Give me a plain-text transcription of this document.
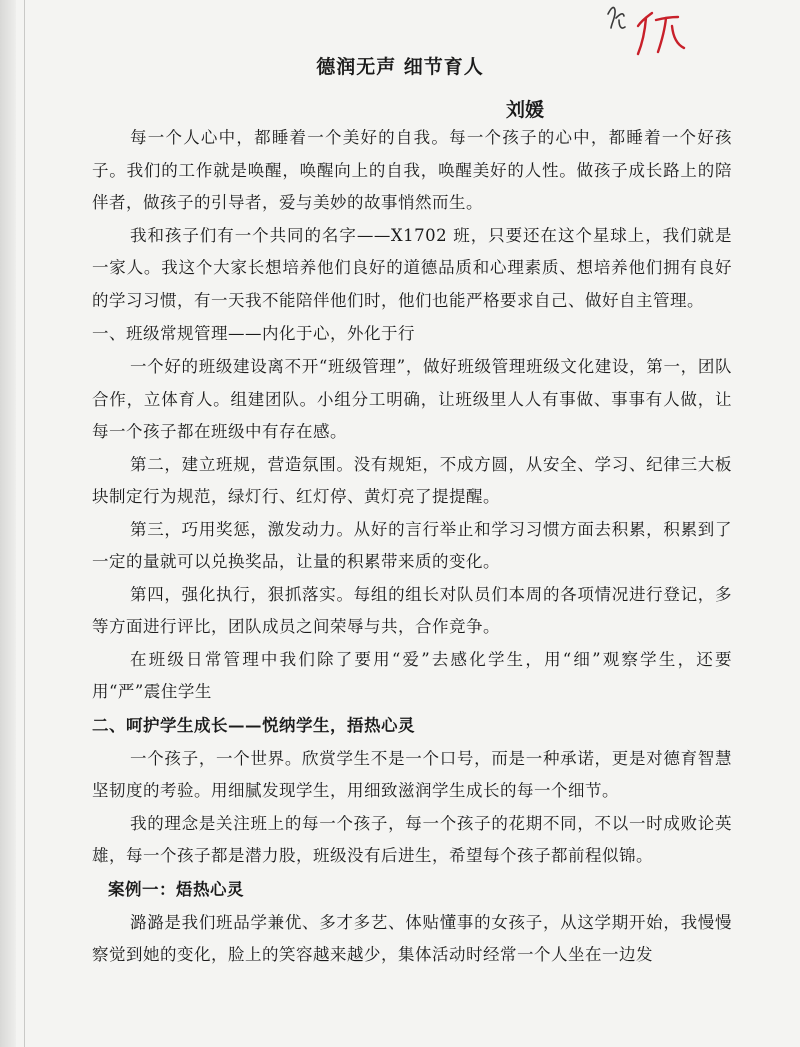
德润无声 细节育人
刘媛

每一个人心中，都睡着一个美好的自我。每一个孩子的心中，都睡着一个好孩子。我们的工作就是唤醒，唤醒向上的自我，唤醒美好的人性。做孩子成长路上的陪伴者，做孩子的引导者，爱与美妙的故事悄然而生。

我和孩子们有一个共同的名字——X1702 班，只要还在这个星球上，我们就是一家人。我这个大家长想培养他们良好的道德品质和心理素质、想培养他们拥有良好的学习习惯，有一天我不能陪伴他们时，他们也能严格要求自己、做好自主管理。

一、班级常规管理——内化于心，外化于行

一个好的班级建设离不开“班级管理”，做好班级管理班级文化建设，第一，团队合作，立体育人。组建团队。小组分工明确，让班级里人人有事做、事事有人做，让每一个孩子都在班级中有存在感。

第二，建立班规，营造氛围。没有规矩，不成方圆，从安全、学习、纪律三大板块制定行为规范，绿灯行、红灯停、黄灯亮了提提醒。

第三，巧用奖惩，激发动力。从好的言行举止和学习习惯方面去积累，积累到了一定的量就可以兑换奖品，让量的积累带来质的变化。

第四，强化执行，狠抓落实。每组的组长对队员们本周的各项情况进行登记，多等方面进行评比，团队成员之间荣辱与共，合作竞争。

在班级日常管理中我们除了要用“爱”去感化学生，用“细”观察学生，还要用“严”震住学生

二、呵护学生成长——悦纳学生，捂热心灵

一个孩子，一个世界。欣赏学生不是一个口号，而是一种承诺，更是对德育智慧坚韧度的考验。用细腻发现学生，用细致滋润学生成长的每一个细节。

我的理念是关注班上的每一个孩子，每一个孩子的花期不同，不以一时成败论英雄，每一个孩子都是潜力股，班级没有后进生，希望每个孩子都前程似锦。

案例一：焐热心灵

潞潞是我们班品学兼优、多才多艺、体贴懂事的女孩子，从这学期开始，我慢慢察觉到她的变化，脸上的笑容越来越少，集体活动时经常一个人坐在一边发
